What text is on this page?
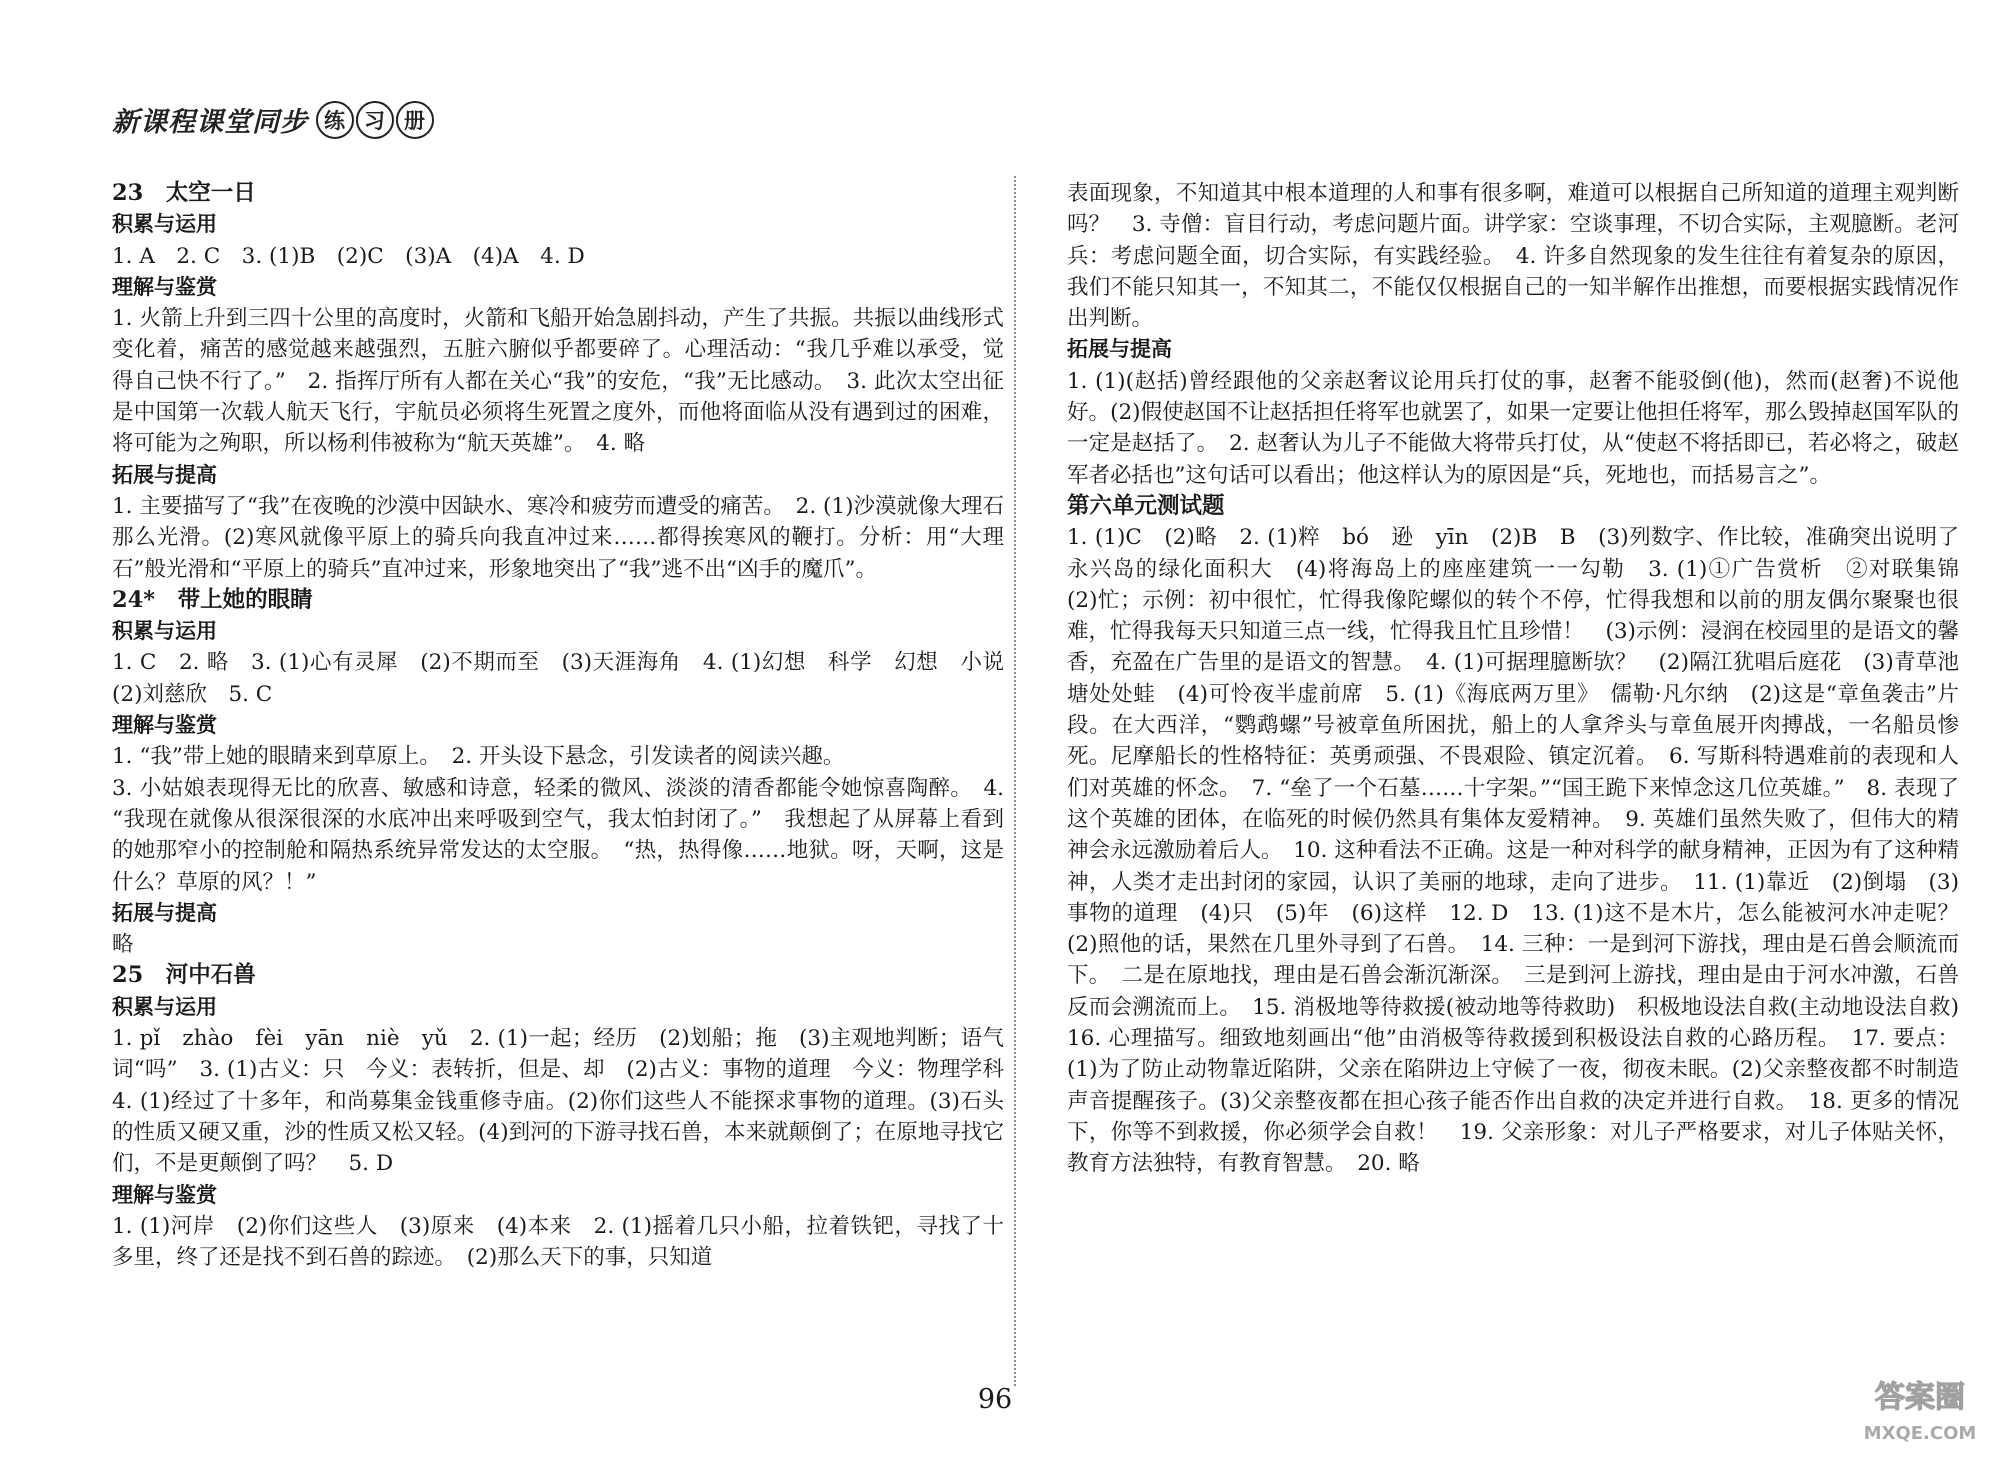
新课程课堂同步 练 习 册

23　太空一日

积累与运用

1. A　2. C　3. (1)B　(2)C　(3)A　(4)A　4. D

理解与鉴赏

1. 火箭上升到三四十公里的高度时，火箭和飞船开始急剧抖动，产生了共振。共振以曲线形式变化着，痛苦的感觉越来越强烈，五脏六腑似乎都要碎了。心理活动：“我几乎难以承受，觉得自己快不行了。”　2. 指挥厅所有人都在关心“我”的安危，“我”无比感动。　3. 此次太空出征是中国第一次载人航天飞行，宇航员必须将生死置之度外，而他将面临从没有遇到过的困难，将可能为之殉职，所以杨利伟被称为“航天英雄”。　4. 略

拓展与提高

1. 主要描写了“我”在夜晚的沙漠中因缺水、寒冷和疲劳而遭受的痛苦。　2. (1)沙漠就像大理石那么光滑。(2)寒风就像平原上的骑兵向我直冲过来……都得挨寒风的鞭打。分析：用“大理石”般光滑和“平原上的骑兵”直冲过来，形象地突出了“我”逃不出“凶手的魔爪”。

24*　带上她的眼睛

积累与运用

1. C　2. 略　3. (1)心有灵犀　(2)不期而至　(3)天涯海角　4. (1)幻想　科学　幻想　小说　(2)刘慈欣　5. C

理解与鉴赏

1. “我”带上她的眼睛来到草原上。　2. 开头设下悬念，引发读者的阅读兴趣。

3. 小姑娘表现得无比的欣喜、敏感和诗意，轻柔的微风、淡淡的清香都能令她惊喜陶醉。　4. “我现在就像从很深很深的水底冲出来呼吸到空气，我太怕封闭了。”　我想起了从屏幕上看到的她那窄小的控制舱和隔热系统异常发达的太空服。　“热，热得像……地狱。呀，天啊，这是什么？草原的风？！”

拓展与提高

略

25　河中石兽

积累与运用

1. pǐ　zhào　fèi　yān　niè　yǔ　2. (1)一起；经历　(2)划船；拖　(3)主观地判断；语气词“吗”　3. (1)古义：只　今义：表转折，但是、却　(2)古义：事物的道理　今义：物理学科　4. (1)经过了十多年，和尚募集金钱重修寺庙。(2)你们这些人不能探求事物的道理。(3)石头的性质又硬又重，沙的性质又松又轻。(4)到河的下游寻找石兽，本来就颠倒了；在原地寻找它们，不是更颠倒了吗？　5. D

理解与鉴赏

1. (1)河岸　(2)你们这些人　(3)原来　(4)本来　2. (1)摇着几只小船，拉着铁钯，寻找了十多里，终了还是找不到石兽的踪迹。　(2)那么天下的事，只知道

表面现象，不知道其中根本道理的人和事有很多啊，难道可以根据自己所知道的道理主观判断吗？　3. 寺僧：盲目行动，考虑问题片面。讲学家：空谈事理，不切合实际，主观臆断。老河兵：考虑问题全面，切合实际，有实践经验。　4. 许多自然现象的发生往往有着复杂的原因，我们不能只知其一，不知其二，不能仅仅根据自己的一知半解作出推想，而要根据实践情况作出判断。

拓展与提高

1. (1)(赵括)曾经跟他的父亲赵奢议论用兵打仗的事，赵奢不能驳倒(他)，然而(赵奢)不说他好。(2)假使赵国不让赵括担任将军也就罢了，如果一定要让他担任将军，那么毁掉赵国军队的一定是赵括了。　2. 赵奢认为儿子不能做大将带兵打仗，从“使赵不将括即已，若必将之，破赵军者必括也”这句话可以看出；他这样认为的原因是“兵，死地也，而括易言之”。

第六单元测试题

1. (1)C　(2)略　2. (1)粹　bó　逊　yīn　(2)B　B　(3)列数字、作比较，准确突出说明了永兴岛的绿化面积大　(4)将海岛上的座座建筑一一勾勒　3. (1)①广告赏析　②对联集锦　(2)忙；示例：初中很忙，忙得我像陀螺似的转个不停，忙得我想和以前的朋友偶尔聚聚也很难，忙得我每天只知道三点一线，忙得我且忙且珍惜！　(3)示例：浸润在校园里的是语文的馨香，充盈在广告里的是语文的智慧。　4. (1)可据理臆断欤？　(2)隔江犹唱后庭花　(3)青草池塘处处蛙　(4)可怜夜半虚前席　5. (1)《海底两万里》　儒勒·凡尔纳　(2)这是“章鱼袭击”片段。在大西洋，“鹦鹉螺”号被章鱼所困扰，船上的人拿斧头与章鱼展开肉搏战，一名船员惨死。尼摩船长的性格特征：英勇顽强、不畏艰险、镇定沉着。　6. 写斯科特遇难前的表现和人们对英雄的怀念。　7. “垒了一个石墓……十字架。”“国王跪下来悼念这几位英雄。”　8. 表现了这个英雄的团体，在临死的时候仍然具有集体友爱精神。　9. 英雄们虽然失败了，但伟大的精神会永远激励着后人。　10. 这种看法不正确。这是一种对科学的献身精神，正因为有了这种精神，人类才走出封闭的家园，认识了美丽的地球，走向了进步。　11. (1)靠近　(2)倒塌　(3)事物的道理　(4)只　(5)年　(6)这样　12. D　13. (1)这不是木片，怎么能被河水冲走呢？　(2)照他的话，果然在几里外寻到了石兽。　14. 三种：一是到河下游找，理由是石兽会顺流而下。　二是在原地找，理由是石兽会渐沉渐深。　三是到河上游找，理由是由于河水冲激，石兽反而会溯流而上。　15. 消极地等待救援(被动地等待救助)　积极地设法自救(主动地设法自救)　16. 心理描写。细致地刻画出“他”由消极等待救援到积极设法自救的心路历程。　17. 要点：(1)为了防止动物靠近陷阱，父亲在陷阱边上守候了一夜，彻夜未眠。(2)父亲整夜都不时制造声音提醒孩子。(3)父亲整夜都在担心孩子能否作出自救的决定并进行自救。　18. 更多的情况下，你等不到救援，你必须学会自救！　19. 父亲形象：对儿子严格要求，对儿子体贴关怀，教育方法独特，有教育智慧。　20. 略

96	答案圈
MXQE.COM
